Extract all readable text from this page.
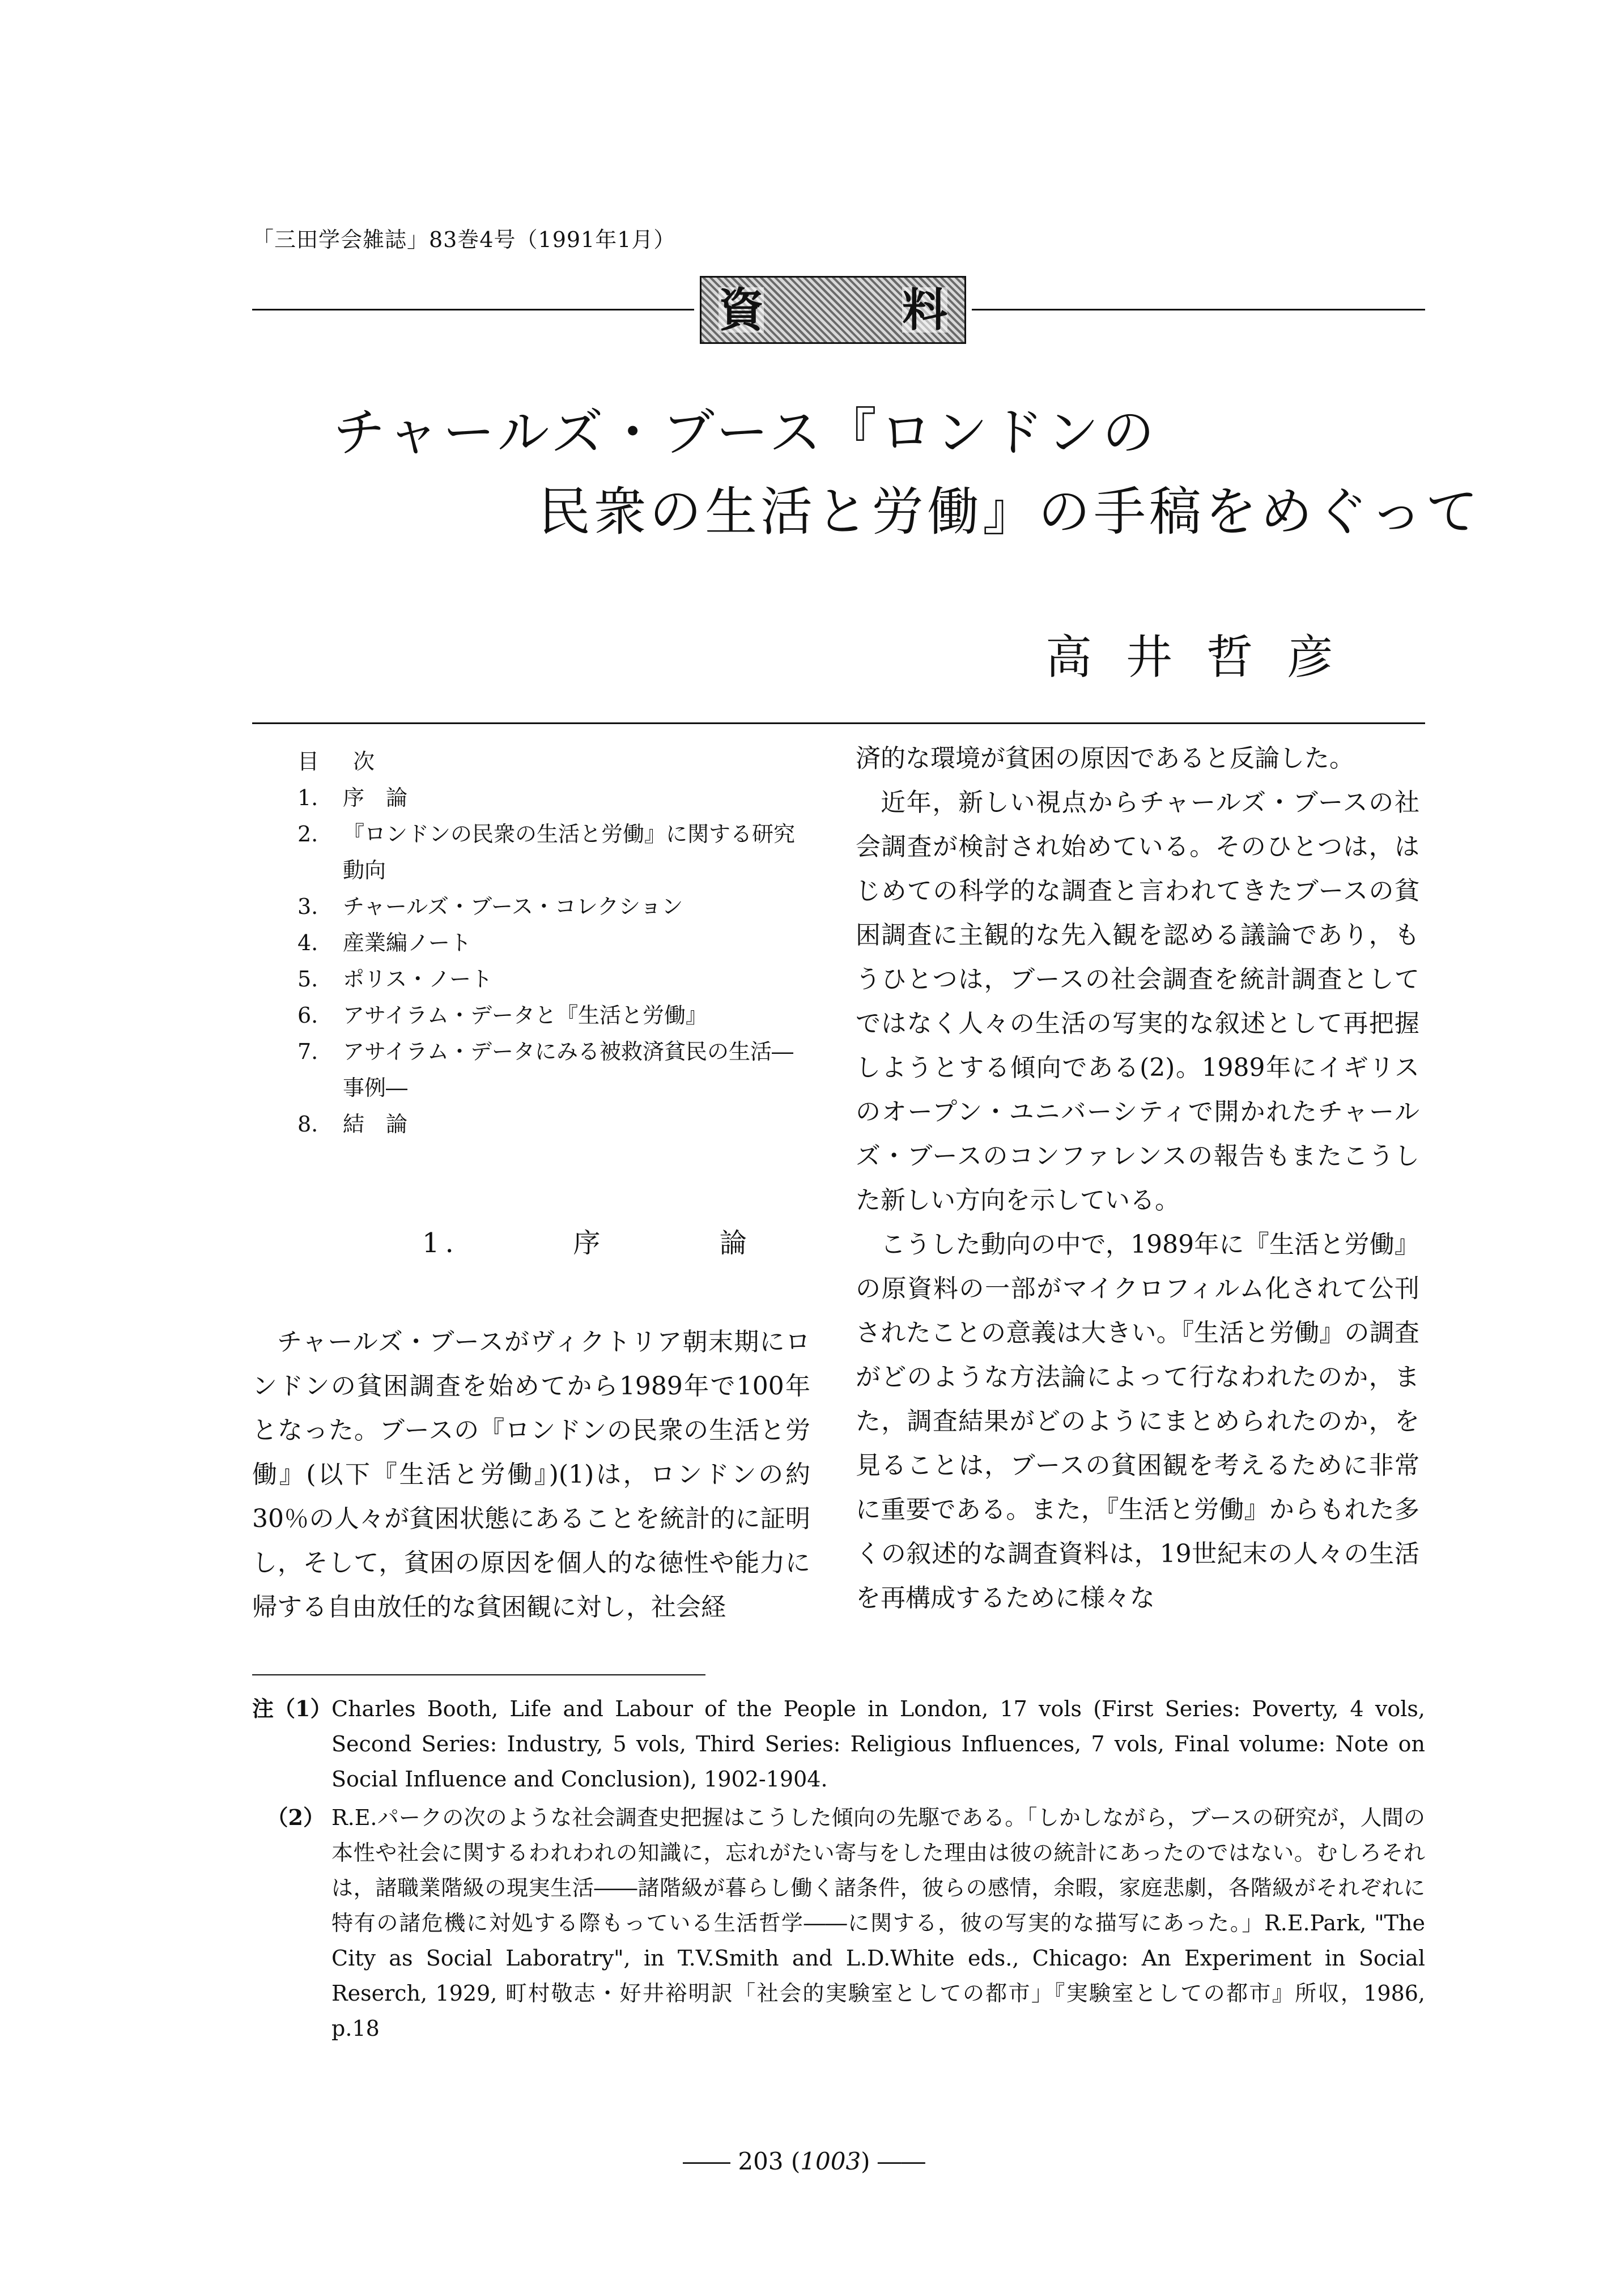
「三田学会雑誌」83巻4号（1991年1月）
資	料
チャールズ・ブース『ロンドンの
民衆の生活と労働』の手稿をめぐって
高井哲彦
目次
1.	序　論
2.	『ロンドンの民衆の生活と労働』に関する研究動向
3.	チャールズ・ブース・コレクション
4.	産業編ノート
5.	ポリス・ノート
6.	アサイラム・データと『生活と労働』
7.	アサイラム・データにみる被救済貧民の生活―事例―
8.	結　論
1.	序	論

チャールズ・ブースがヴィクトリア朝末期にロンドンの貧困調査を始めてから1989年で100年となった。ブースの『ロンドンの民衆の生活と労働』(以下『生活と労働』)(1)は，ロンドンの約30％の人々が貧困状態にあることを統計的に証明し，そして，貧困の原因を個人的な徳性や能力に帰する自由放任的な貧困観に対し，社会経

済的な環境が貧困の原因であると反論した。

近年，新しい視点からチャールズ・ブースの社会調査が検討され始めている。そのひとつは，はじめての科学的な調査と言われてきたブースの貧困調査に主観的な先入観を認める議論であり，もうひとつは，ブースの社会調査を統計調査としてではなく人々の生活の写実的な叙述として再把握しようとする傾向である(2)。1989年にイギリスのオープン・ユニバーシティで開かれたチャールズ・ブースのコンファレンスの報告もまたこうした新しい方向を示している。

こうした動向の中で，1989年に『生活と労働』の原資料の一部がマイクロフィルム化されて公刊されたことの意義は大きい。『生活と労働』の調査がどのような方法論によって行なわれたのか，また，調査結果がどのようにまとめられたのか，を見ることは，ブースの貧困観を考えるために非常に重要である。また，『生活と労働』からもれた多くの叙述的な調査資料は，19世紀末の人々の生活を再構成するために様々な

注（1） Charles Booth, Life and Labour of the People in London, 17 vols (First Series: Poverty, 4 vols, Second Series: Industry, 5 vols, Third Series: Religious Influences, 7 vols, Final volume: Note on Social Influence and Conclusion), 1902-1904.
（2） R.E.パークの次のような社会調査史把握はこうした傾向の先駆である。「しかしながら，ブースの研究が，人間の本性や社会に関するわれわれの知識に，忘れがたい寄与をした理由は彼の統計にあったのではない。むしろそれは，諸職業階級の現実生活――諸階級が暮らし働く諸条件，彼らの感情，余暇，家庭悲劇，各階級がそれぞれに特有の諸危機に対処する際もっている生活哲学――に関する，彼の写実的な描写にあった。」R.E.Park, "The City as Social Laboratry", in T.V.Smith and L.D.White eds., Chicago: An Experiment in Social Reserch, 1929, 町村敬志・好井裕明訳「社会的実験室としての都市」『実験室としての都市』所収，1986, p.18
―― 203 (1003) ――
